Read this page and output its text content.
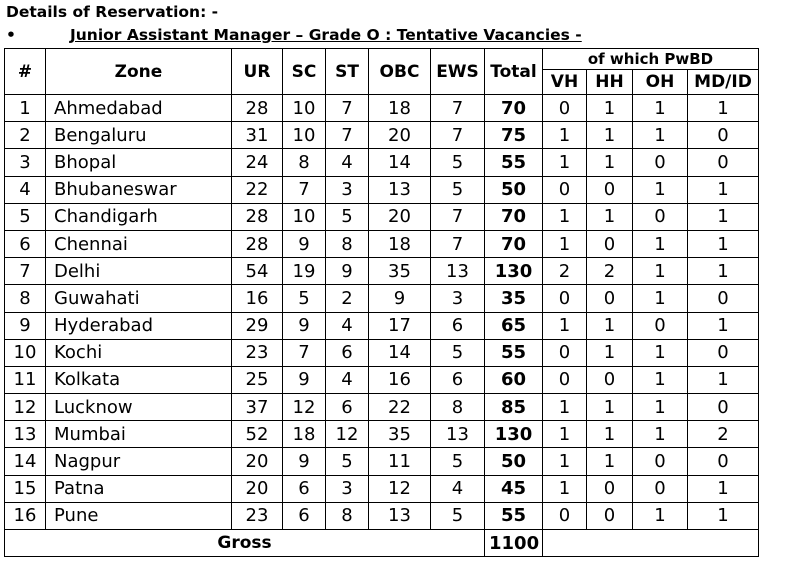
Details of Reservation: -
•	Junior Assistant Manager – Grade O : Tentative Vacancies -
#	Zone	UR	SC	ST	OBC	EWS	Total	of which PwBD			
								VH	HH	OH	MD/ID
1	Ahmedabad	28	10	7	18	7	70	0	1	1	1
2	Bengaluru	31	10	7	20	7	75	1	1	1	0
3	Bhopal	24	8	4	14	5	55	1	1	0	0
4	Bhubaneswar	22	7	3	13	5	50	0	0	1	1
5	Chandigarh	28	10	5	20	7	70	1	1	0	1
6	Chennai	28	9	8	18	7	70	1	0	1	1
7	Delhi	54	19	9	35	13	130	2	2	1	1
8	Guwahati	16	5	2	9	3	35	0	0	1	0
9	Hyderabad	29	9	4	17	6	65	1	1	0	1
10	Kochi	23	7	6	14	5	55	0	1	1	0
11	Kolkata	25	9	4	16	6	60	0	0	1	1
12	Lucknow	37	12	6	22	8	85	1	1	1	0
13	Mumbai	52	18	12	35	13	130	1	1	1	2
14	Nagpur	20	9	5	11	5	50	1	1	0	0
15	Patna	20	6	3	12	4	45	1	0	0	1
16	Pune	23	6	8	13	5	55	0	0	1	1
Gross							1100				
